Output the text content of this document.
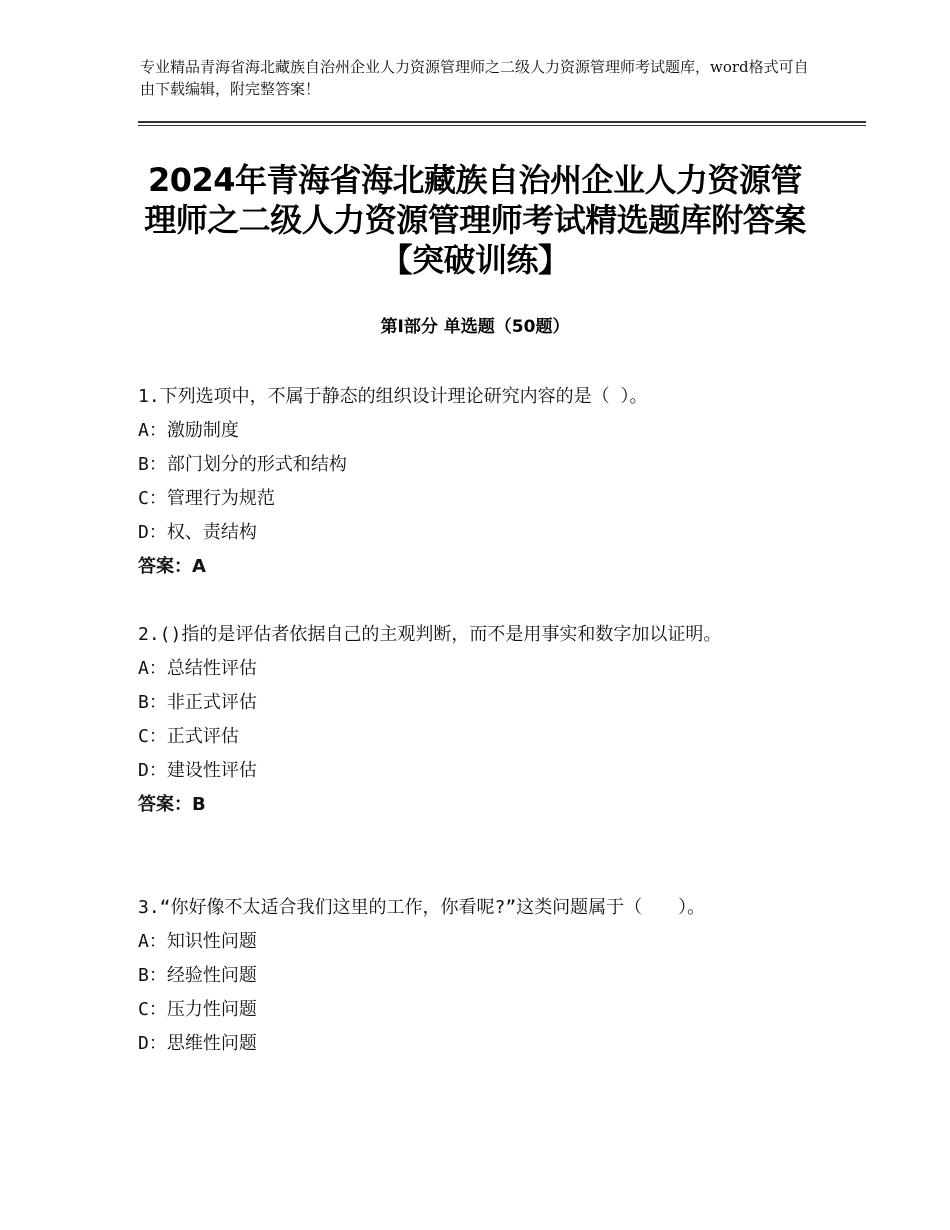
专业精品青海省海北藏族自治州企业人力资源管理师之二级人力资源管理师考试题库，word格式可自由下载编辑，附完整答案！
2024年青海省海北藏族自治州企业人力资源管理师之二级人力资源管理师考试精选题库附答案【突破训练】
第Ⅰ部分 单选题（50题）
1.下列选项中，不属于静态的组织设计理论研究内容的是（ ）。
A：激励制度
B：部门划分的形式和结构
C：管理行为规范
D：权、责结构
答案：A
2.()指的是评估者依据自己的主观判断，而不是用事实和数字加以证明。
A：总结性评估
B：非正式评估
C：正式评估
D：建设性评估
答案：B
3.“你好像不太适合我们这里的工作，你看呢?”这类问题属于（　　）。
A：知识性问题
B：经验性问题
C：压力性问题
D：思维性问题
